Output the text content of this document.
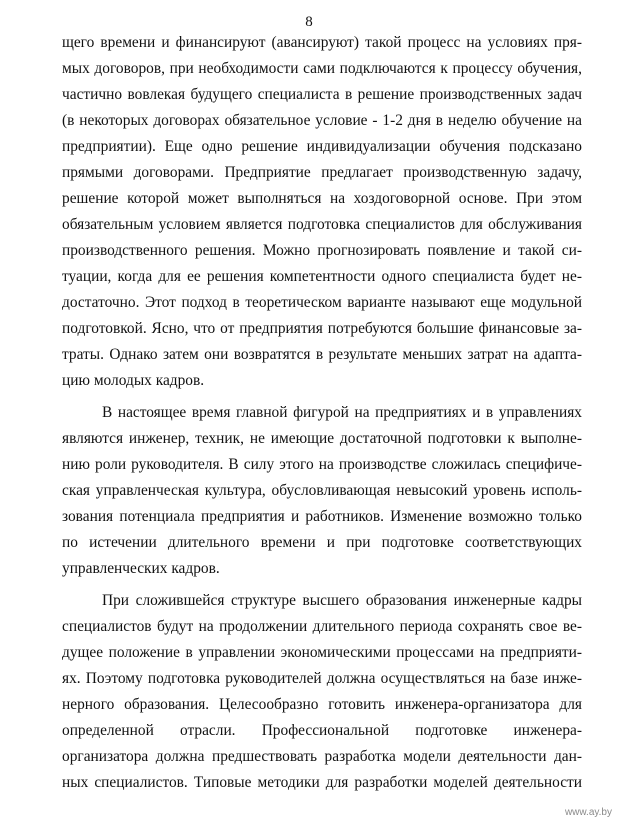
8
щего времени и финансируют (авансируют) такой процесс на условиях пря-
мых договоров, при необходимости сами подключаются к процессу обучения,
частично вовлекая будущего специалиста в решение производственных задач
(в некоторых договорах обязательное условие - 1-2 дня в неделю обучение на
предприятии). Еще одно решение индивидуализации обучения подсказано
прямыми договорами. Предприятие предлагает производственную задачу,
решение которой может выполняться на хоздоговорной основе. При этом
обязательным условием является подготовка специалистов для обслуживания
производственного решения. Можно прогнозировать появление и такой си-
туации, когда для ее решения компетентности одного специалиста будет не-
достаточно. Этот подход в теоретическом варианте называют еще модульной
подготовкой. Ясно, что от предприятия потребуются большие финансовые за-
траты. Однако затем они возвратятся в результате меньших затрат на адапта-
цию молодых кадров.
В настоящее время главной фигурой на предприятиях и в управлениях
являются инженер, техник, не имеющие достаточной подготовки к выполне-
нию роли руководителя. В силу этого на производстве сложилась специфиче-
ская управленческая культура, обусловливающая невысокий уровень исполь-
зования потенциала предприятия и работников. Изменение возможно только
по истечении длительного времени и при подготовке соответствующих
управленческих кадров.
При сложившейся структуре высшего образования инженерные кадры
специалистов будут на продолжении длительного периода сохранять свое ве-
дущее положение в управлении экономическими процессами на предприяти-
ях. Поэтому подготовка руководителей должна осуществляться на базе инже-
нерного образования. Целесообразно готовить инженера-организатора для
определенной отрасли. Профессиональной подготовке инженера-
организатора должна предшествовать разработка модели деятельности дан-
ных специалистов. Типовые методики для разработки моделей деятельности
www.ay.by
